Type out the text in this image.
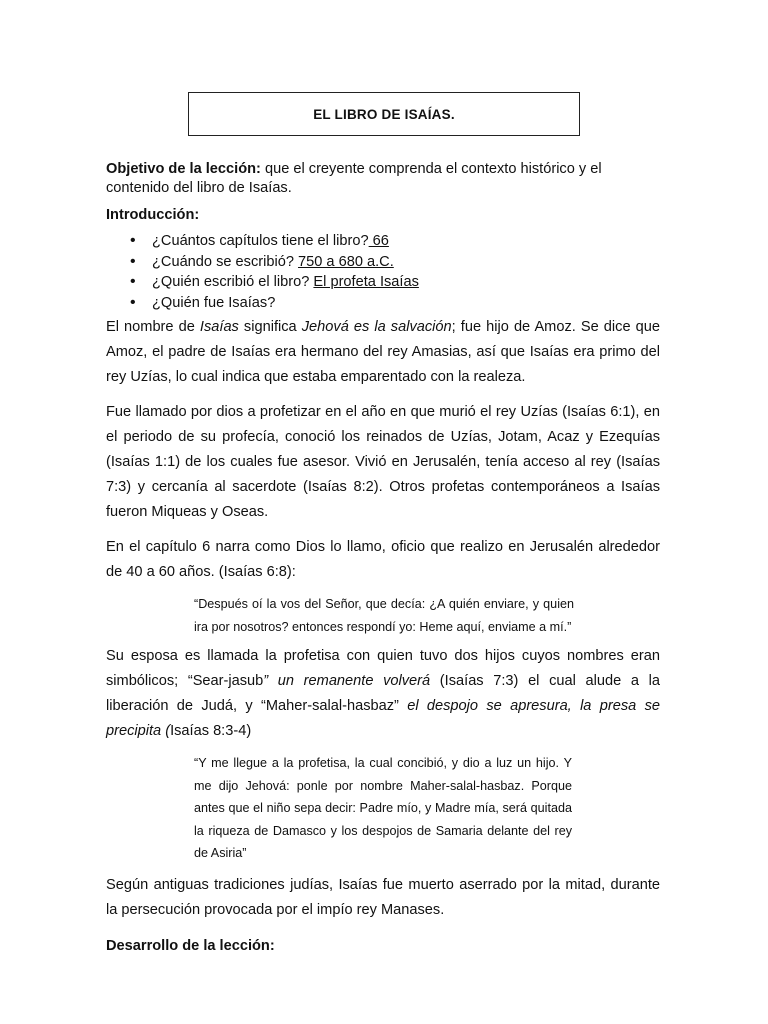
EL LIBRO DE ISAÍAS.

Objetivo de la lección: que el creyente comprenda el contexto histórico y el contenido del libro de Isaías.

Introducción:

• ¿Cuántos capítulos tiene el libro? 66
• ¿Cuándo se escribió? 750 a 680 a.C.
• ¿Quién escribió el libro? El profeta Isaías
• ¿Quién fue Isaías?

El nombre de Isaías significa Jehová es la salvación; fue hijo de Amoz. Se dice que Amoz, el padre de Isaías era hermano del rey Amasias, así que Isaías era primo del rey Uzías, lo cual indica que estaba emparentado con la realeza.

Fue llamado por dios a profetizar en el año en que murió el rey Uzías (Isaías 6:1), en el periodo de su profecía, conoció los reinados de Uzías, Jotam, Acaz y Ezequías (Isaías 1:1) de los cuales fue asesor. Vivió en Jerusalén, tenía acceso al rey (Isaías 7:3) y cercanía al sacerdote (Isaías 8:2). Otros profetas contemporáneos a Isaías fueron Miqueas y Oseas.

En el capítulo 6 narra como Dios lo llamo, oficio que realizo en Jerusalén alrededor de 40 a 60 años. (Isaías 6:8):

“Después oí la vos del Señor, que decía: ¿A quién enviare, y quien ira por nosotros? entonces respondí yo: Heme aquí, enviame a mí.”

Su esposa es llamada la profetisa con quien tuvo dos hijos cuyos nombres eran simbólicos; “Sear-jasub” un remanente volverá (Isaías 7:3) el cual alude a la liberación de Judá, y “Maher-salal-hasbaz” el despojo se apresura, la presa se precipita (Isaías 8:3-4)

“Y me llegue a la profetisa, la cual concibió, y dio a luz un hijo. Y me dijo Jehová: ponle por nombre Maher-salal-hasbaz. Porque antes que el niño sepa decir: Padre mío, y Madre mía, será quitada la riqueza de Damasco y los despojos de Samaria delante del rey de Asiria”

Según antiguas tradiciones judías, Isaías fue muerto aserrado por la mitad, durante la persecución provocada por el impío rey Manases.

Desarrollo de la lección:
